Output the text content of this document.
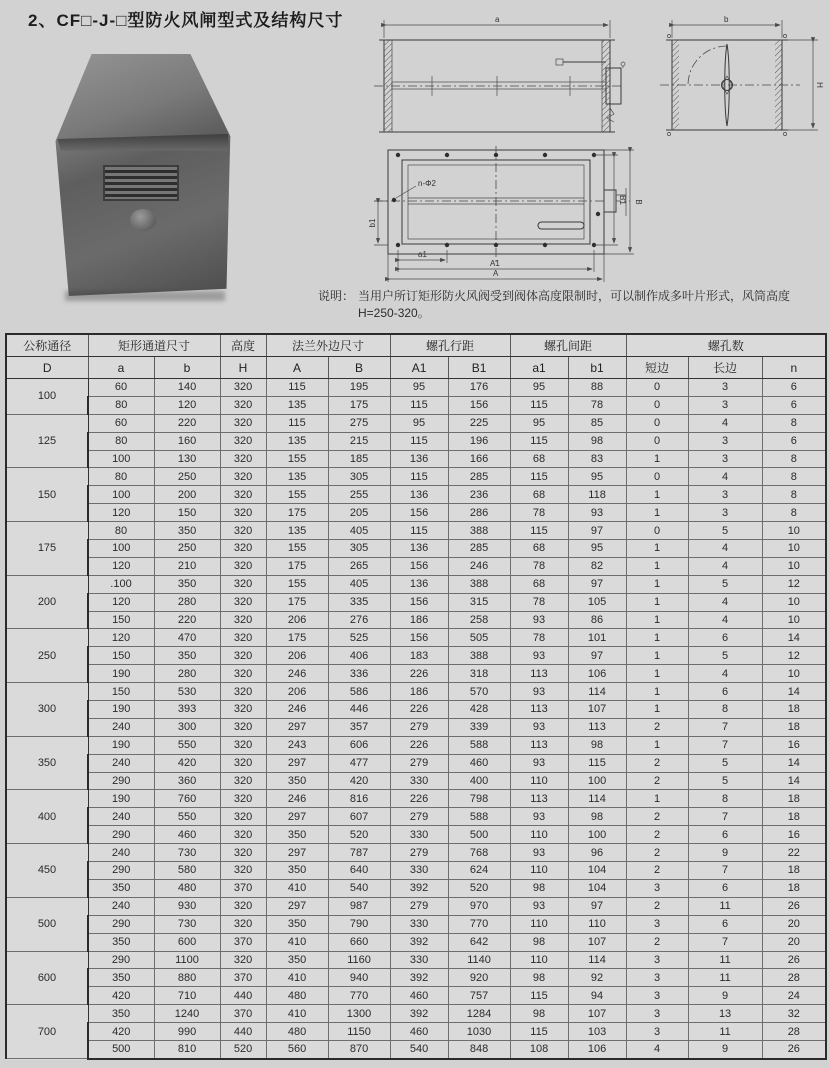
2、CF□-J-□型防火风闸型式及结构尺寸	a	b
H
n-Φ2
b1
a1
A1
A
B1 B
说明： 当用户所订矩形防火风阀受到阀体高度限制时，可以制作成多叶片形式，风筒高度H=250-320。
公称通径	矩形通道尺寸		高度	法兰外边尺寸		螺孔行距		螺孔间距		螺孔数		
D	a	b	H	A	B	A1	B1	a1	b1	短边	长边	n
100	60	140	320	115	195	95	176	95	88	0	3	6
	80	120	320	135	175	115	156	115	78	0	3	6
125	60	220	320	115	275	95	225	95	85	0	4	8
	80	160	320	135	215	115	196	115	98	0	3	6
	100	130	320	155	185	136	166	68	83	1	3	8
150	80	250	320	135	305	115	285	115	95	0	4	8
	100	200	320	155	255	136	236	68	118	1	3	8
	120	150	320	175	205	156	286	78	93	1	3	8
175	80	350	320	135	405	115	388	115	97	0	5	10
	100	250	320	155	305	136	285	68	95	1	4	10
	120	210	320	175	265	156	246	78	82	1	4	10
200	.100	350	320	155	405	136	388	68	97	1	5	12
	120	280	320	175	335	156	315	78	105	1	4	10
	150	220	320	206	276	186	258	93	86	1	4	10
250	120	470	320	175	525	156	505	78	101	1	6	14
	150	350	320	206	406	183	388	93	97	1	5	12
	190	280	320	246	336	226	318	113	106	1	4	10
300	150	530	320	206	586	186	570	93	114	1	6	14
	190	393	320	246	446	226	428	113	107	1	8	18
	240	300	320	297	357	279	339	93	113	2	7	18
350	190	550	320	243	606	226	588	113	98	1	7	16
	240	420	320	297	477	279	460	93	115	2	5	14
	290	360	320	350	420	330	400	110	100	2	5	14
400	190	760	320	246	816	226	798	113	114	1	8	18
	240	550	320	297	607	279	588	93	98	2	7	18
	290	460	320	350	520	330	500	110	100	2	6	16
450	240	730	320	297	787	279	768	93	96	2	9	22
	290	580	320	350	640	330	624	110	104	2	7	18
	350	480	370	410	540	392	520	98	104	3	6	18
500	240	930	320	297	987	279	970	93	97	2	11	26
	290	730	320	350	790	330	770	110	110	3	6	20
	350	600	370	410	660	392	642	98	107	2	7	20
600	290	1100	320	350	1160	330	1140	110	114	3	11	26
	350	880	370	410	940	392	920	98	92	3	11	28
	420	710	440	480	770	460	757	115	94	3	9	24
700	350	1240	370	410	1300	392	1284	98	107	3	13	32
	420	990	440	480	1150	460	1030	115	103	3	11	28
	500	810	520	560	870	540	848	108	106	4	9	26
